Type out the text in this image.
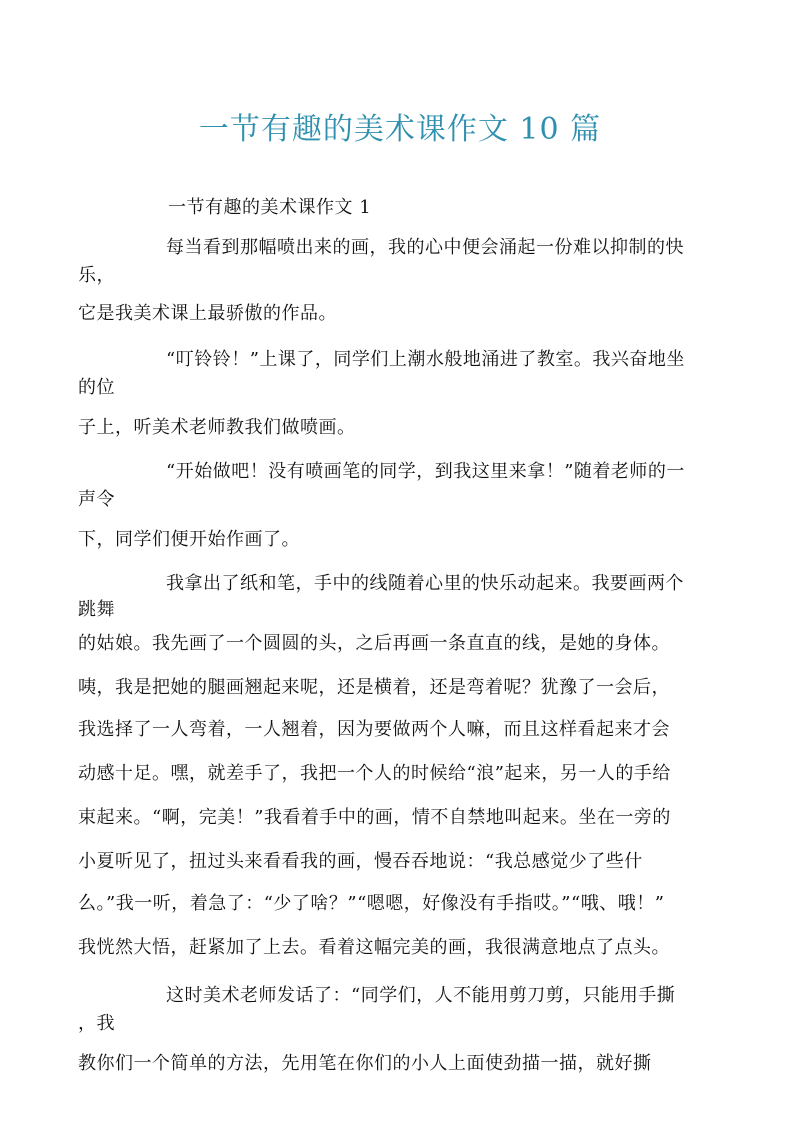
一节有趣的美术课作文 10 篇
一节有趣的美术课作文 1
每当看到那幅喷出来的画，我的心中便会涌起一份难以抑制的快
乐，
它是我美术课上最骄傲的作品。
“叮铃铃！”上课了，同学们上潮水般地涌进了教室。我兴奋地坐
的位
子上，听美术老师教我们做喷画。
“开始做吧！没有喷画笔的同学，到我这里来拿！”随着老师的一
声令
下，同学们便开始作画了。
我拿出了纸和笔，手中的线随着心里的快乐动起来。我要画两个
跳舞
的姑娘。我先画了一个圆圆的头，之后再画一条直直的线，是她的身体。
咦，我是把她的腿画翘起来呢，还是横着，还是弯着呢？犹豫了一会后，
我选择了一人弯着，一人翘着，因为要做两个人嘛，而且这样看起来才会
动感十足。嘿，就差手了，我把一个人的时候给“浪”起来，另一人的手给
束起来。“啊，完美！”我看着手中的画，情不自禁地叫起来。坐在一旁的
小夏听见了，扭过头来看看我的画，慢吞吞地说：“我总感觉少了些什
么。”我一听，着急了：“少了啥？”“嗯嗯，好像没有手指哎。”“哦、哦！”
我恍然大悟，赶紧加了上去。看着这幅完美的画，我很满意地点了点头。
这时美术老师发话了：“同学们，人不能用剪刀剪，只能用手撕
，我
教你们一个简单的方法，先用笔在你们的小人上面使劲描一描，就好撕
